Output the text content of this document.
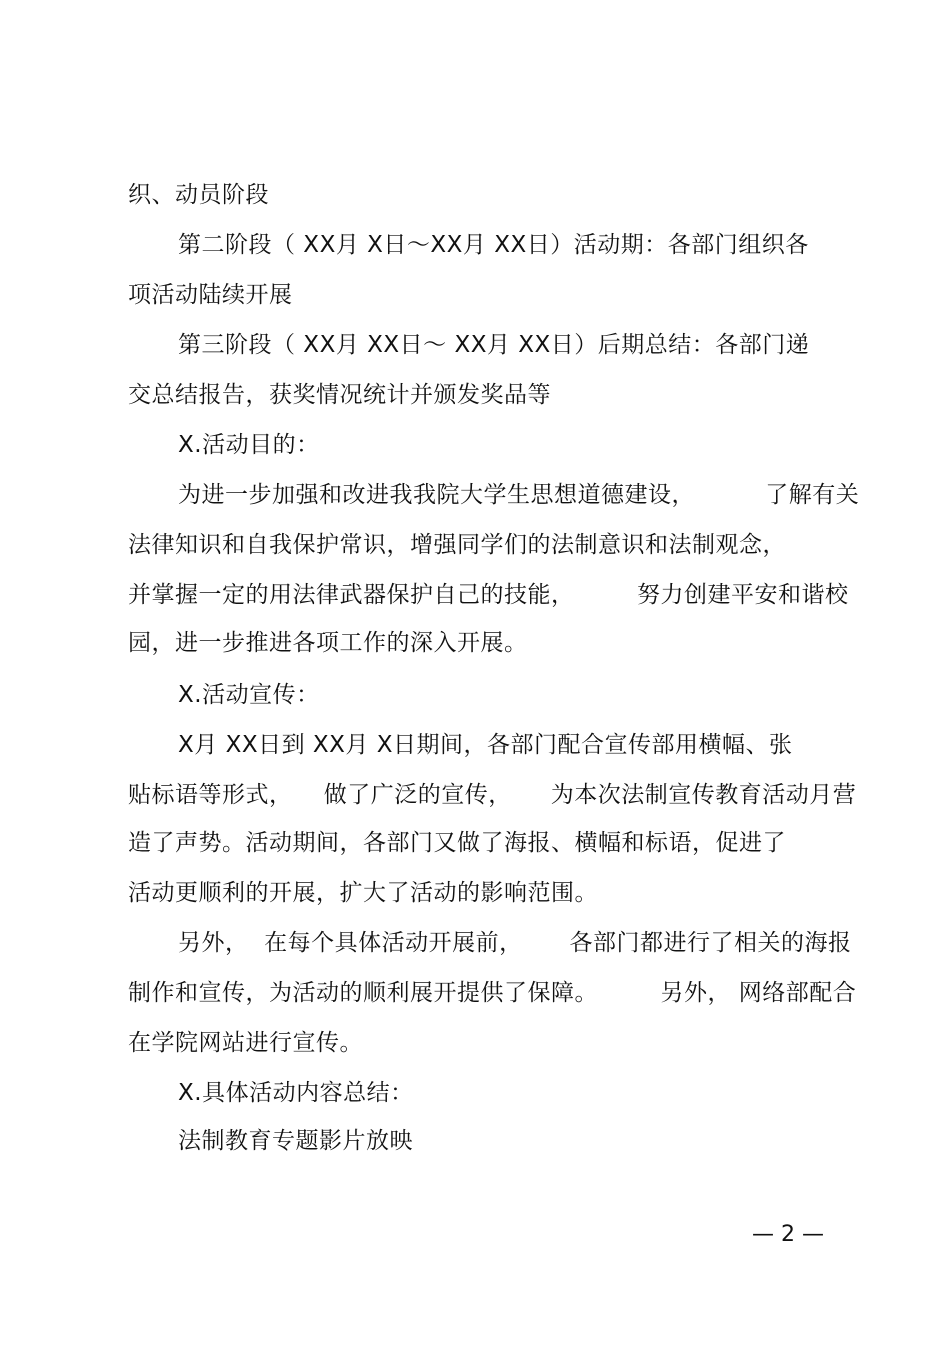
织、动员阶段
第二阶段（ XX月 X日～XX月 XX日）活动期：各部门组织各
项活动陆续开展
第三阶段（ XX月 XX日～ XX月 XX日）后期总结：各部门递
交总结报告，获奖情况统计并颁发奖品等
X.活动目的：
为进一步加强和改进我我院大学生思想道德建设，         了解有关
法律知识和自我保护常识，增强同学们的法制意识和法制观念，
并掌握一定的用法律武器保护自己的技能，        努力创建平安和谐校
园，进一步推进各项工作的深入开展。
X.活动宣传：
X月 XX日到 XX月 X日期间，各部门配合宣传部用横幅、张
贴标语等形式，    做了广泛的宣传，     为本次法制宣传教育活动月营
造了声势。活动期间，各部门又做了海报、横幅和标语，促进了
活动更顺利的开展，扩大了活动的影响范围。
另外，  在每个具体活动开展前，      各部门都进行了相关的海报
制作和宣传，为活动的顺利展开提供了保障。        另外， 网络部配合
在学院网站进行宣传。
X.具体活动内容总结：
法制教育专题影片放映
— 2 —
